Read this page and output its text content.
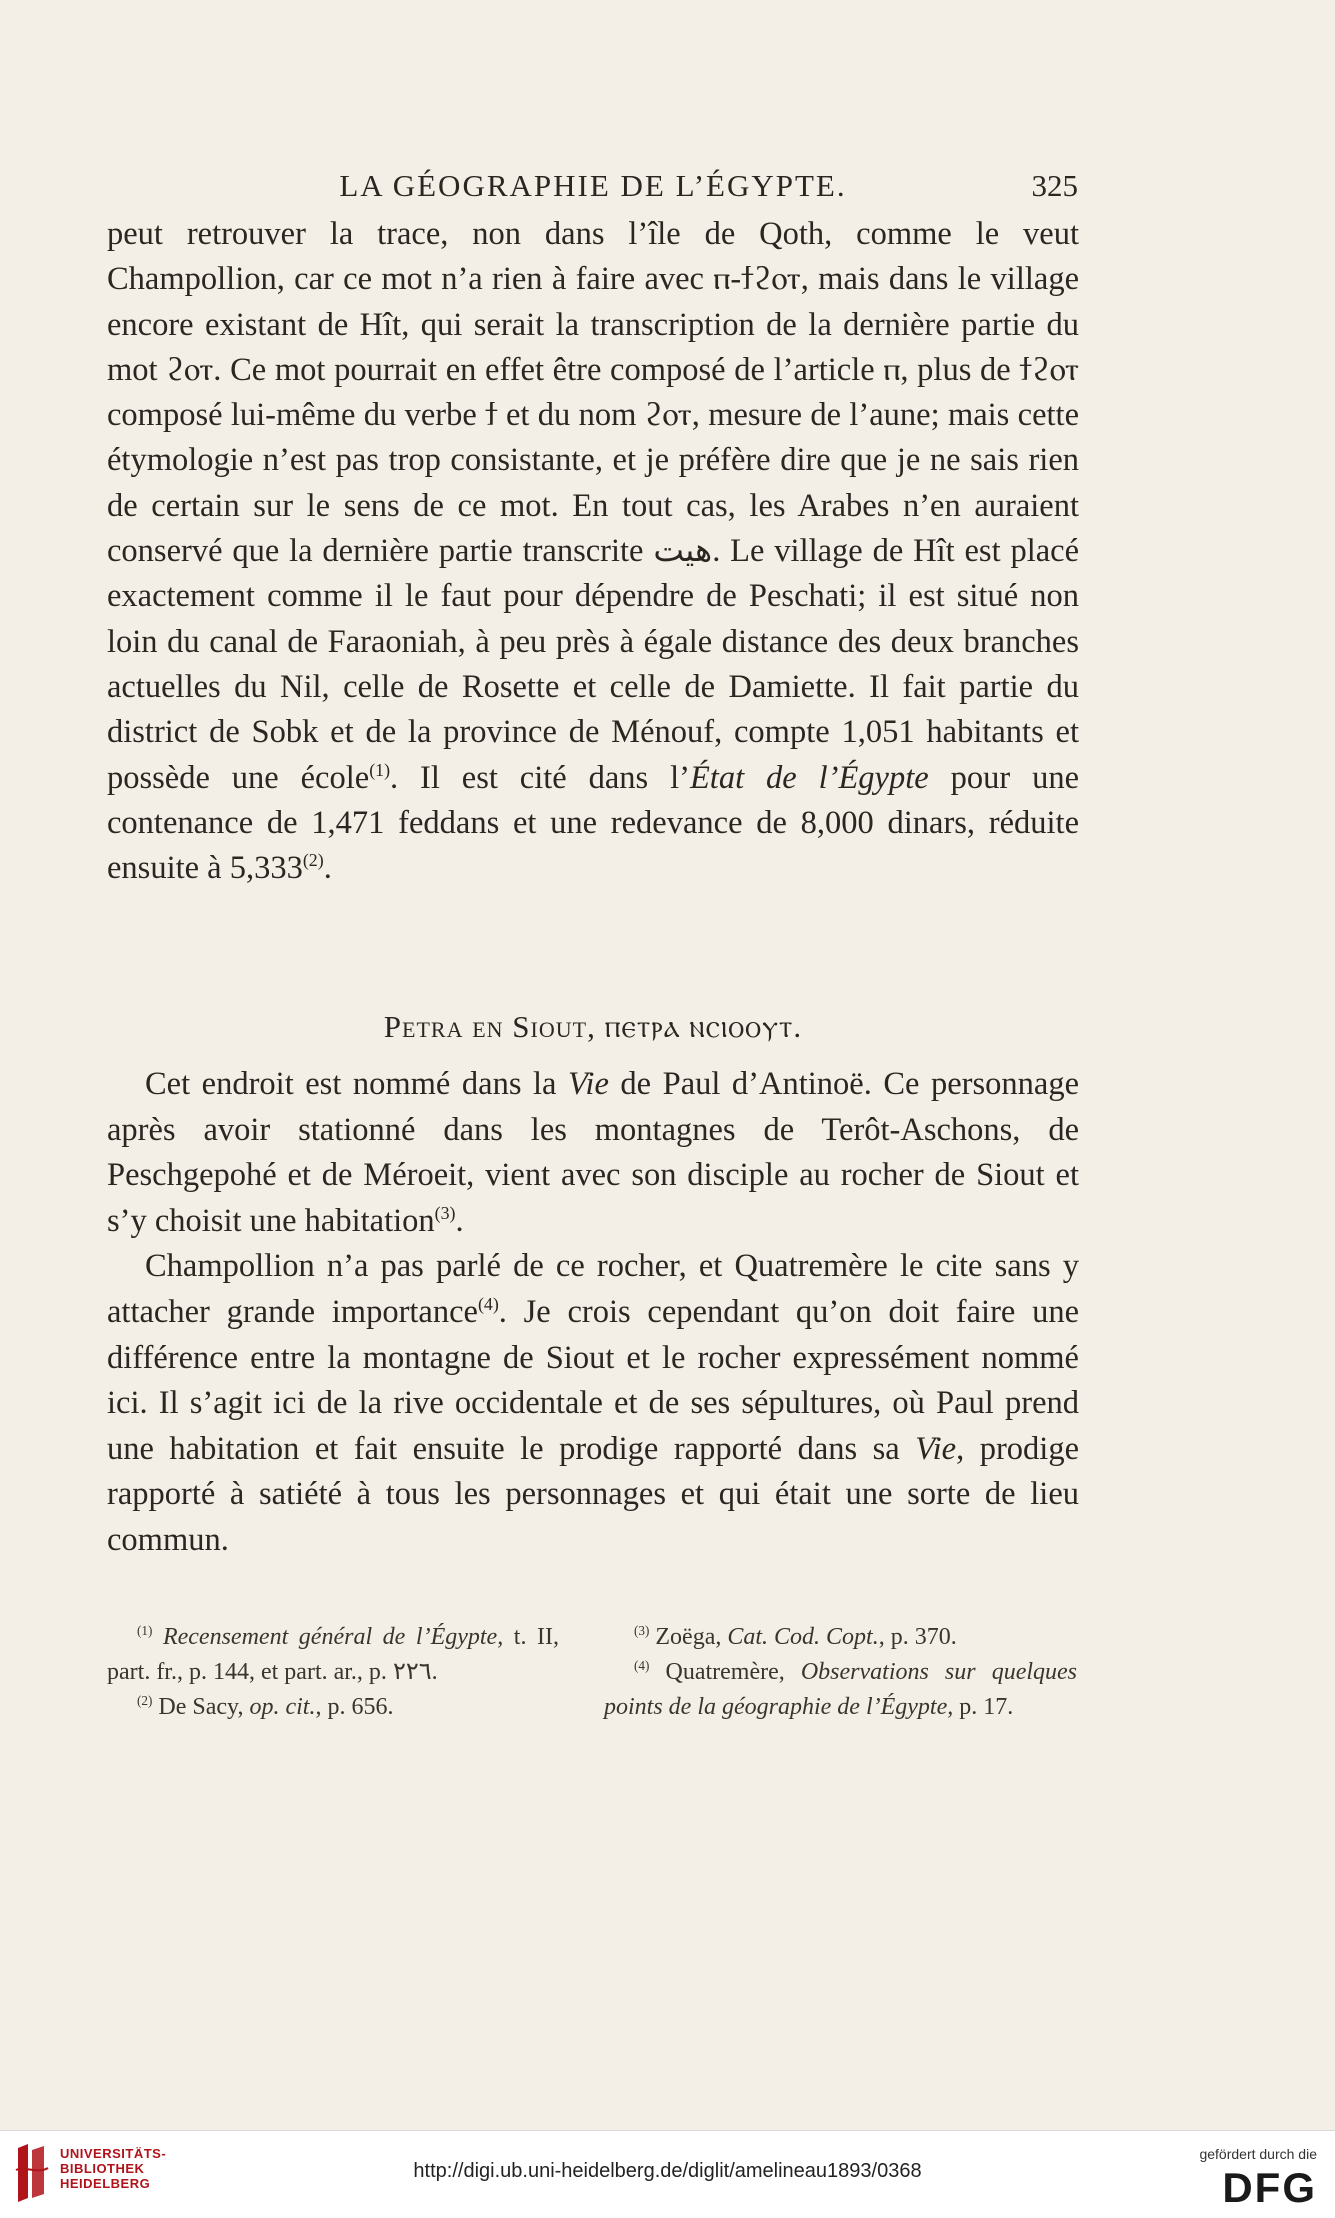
LA GÉOGRAPHIE DE L’ÉGYPTE.	325

peut retrouver la trace, non dans l’île de Qoth, comme le veut Champollion, car ce mot n’a rien à faire avec ⲡ-ϯϩⲟⲧ, mais dans le village encore existant de Hît, qui serait la transcription de la dernière partie du mot ϩⲟⲧ. Ce mot pourrait en effet être composé de l’article ⲡ, plus de ϯϩⲟⲧ composé lui-même du verbe ϯ et du nom ϩⲟⲧ, mesure de l’aune; mais cette étymologie n’est pas trop consistante, et je préfère dire que je ne sais rien de certain sur le sens de ce mot. En tout cas, les Arabes n’en auraient conservé que la dernière partie transcrite هيت. Le village de Hît est placé exactement comme il le faut pour dépendre de Peschati; il est situé non loin du canal de Faraoniah, à peu près à égale distance des deux branches actuelles du Nil, celle de Rosette et celle de Damiette. Il fait partie du district de Sobk et de la province de Ménouf, compte 1,051 habitants et possède une école$^{(1)}$. Il est cité dans l’État de l’Égypte pour une contenance de 1,471 feddans et une redevance de 8,000 dinars, réduite ensuite à 5,333$^{(2)}$.

Petra en Siout, ⲡⲉⲧⲣⲁ ⲛⲥⲓⲟⲟⲩⲧ.

Cet endroit est nommé dans la Vie de Paul d’Antinoë. Ce personnage après avoir stationné dans les montagnes de Terôt-Aschons, de Peschgepohé et de Méroeit, vient avec son disciple au rocher de Siout et s’y choisit une habitation$^{(3)}$.

Champollion n’a pas parlé de ce rocher, et Quatremère le cite sans y attacher grande importance$^{(4)}$. Je crois cependant qu’on doit faire une différence entre la montagne de Siout et le rocher expressément nommé ici. Il s’agit ici de la rive occidentale et de ses sépultures, où Paul prend une habitation et fait ensuite le prodige rapporté dans sa Vie, prodige rapporté à satiété à tous les personnages et qui était une sorte de lieu commun.

$^{(1)}$ Recensement général de l’Égypte, t. II, part. fr., p. 144, et part. ar., p. ٢٢٦.

$^{(2)}$ De Sacy, op. cit., p. 656.

$^{(3)}$ Zoëga, Cat. Cod. Copt., p. 370.

$^{(4)}$ Quatremère, Observations sur quelques points de la géographie de l’Égypte, p. 17.

UNIVERSITÄTS-
BIBLIOTHEK
HEIDELBERG
http://digi.ub.uni-heidelberg.de/diglit/amelineau1893/0368
gefördert durch die
DFG
